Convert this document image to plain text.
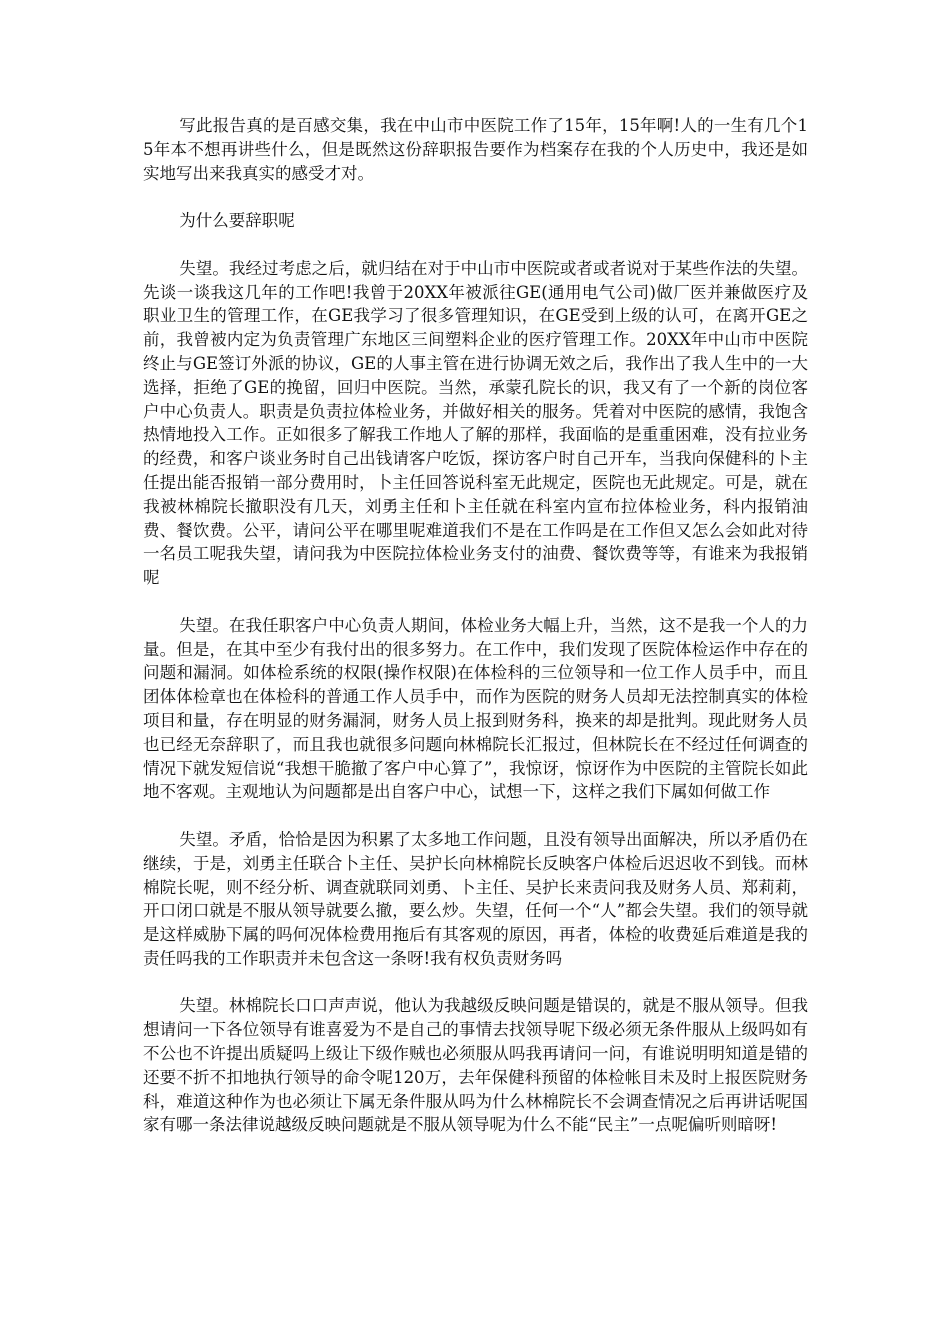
写此报告真的是百感交集，我在中山市中医院工作了15年，15年啊!人的一生有几个15年本不想再讲些什么，但是既然这份辞职报告要作为档案存在我的个人历史中，我还是如实地写出来我真实的感受才对。

为什么要辞职呢

失望。我经过考虑之后，就归结在对于中山市中医院或者或者说对于某些作法的失望。先谈一谈我这几年的工作吧!我曾于20XX年被派往GE(通用电气公司)做厂医并兼做医疗及职业卫生的管理工作，在GE我学习了很多管理知识，在GE受到上级的认可，在离开GE之前，我曾被内定为负责管理广东地区三间塑料企业的医疗管理工作。20XX年中山市中医院终止与GE签订外派的协议，GE的人事主管在进行协调无效之后，我作出了我人生中的一大选择，拒绝了GE的挽留，回归中医院。当然，承蒙孔院长的识，我又有了一个新的岗位客户中心负责人。职责是负责拉体检业务，并做好相关的服务。凭着对中医院的感情，我饱含热情地投入工作。正如很多了解我工作地人了解的那样，我面临的是重重困难，没有拉业务的经费，和客户谈业务时自己出钱请客户吃饭，探访客户时自己开车，当我向保健科的卜主任提出能否报销一部分费用时，卜主任回答说科室无此规定，医院也无此规定。可是，就在我被林棉院长撤职没有几天，刘勇主任和卜主任就在科室内宣布拉体检业务，科内报销油费、餐饮费。公平，请问公平在哪里呢难道我们不是在工作吗是在工作但又怎么会如此对待一名员工呢我失望，请问我为中医院拉体检业务支付的油费、餐饮费等等，有谁来为我报销呢

失望。在我任职客户中心负责人期间，体检业务大幅上升，当然，这不是我一个人的力量。但是，在其中至少有我付出的很多努力。在工作中，我们发现了医院体检运作中存在的问题和漏洞。如体检系统的权限(操作权限)在体检科的三位领导和一位工作人员手中，而且团体体检章也在体检科的普通工作人员手中，而作为医院的财务人员却无法控制真实的体检项目和量，存在明显的财务漏洞，财务人员上报到财务科，换来的却是批判。现此财务人员也已经无奈辞职了，而且我也就很多问题向林棉院长汇报过，但林院长在不经过任何调查的情况下就发短信说“我想干脆撤了客户中心算了”，我惊讶，惊讶作为中医院的主管院长如此地不客观。主观地认为问题都是出自客户中心，试想一下，这样之我们下属如何做工作

失望。矛盾，恰恰是因为积累了太多地工作问题，且没有领导出面解决，所以矛盾仍在继续，于是，刘勇主任联合卜主任、吴护长向林棉院长反映客户体检后迟迟收不到钱。而林棉院长呢，则不经分析、调查就联同刘勇、卜主任、吴护长来责问我及财务人员、郑莉莉，开口闭口就是不服从领导就要么撤，要么炒。失望，任何一个“人”都会失望。我们的领导就是这样威胁下属的吗何况体检费用拖后有其客观的原因，再者，体检的收费延后难道是我的责任吗我的工作职责并未包含这一条呀!我有权负责财务吗

失望。林棉院长口口声声说，他认为我越级反映问题是错误的，就是不服从领导。但我想请问一下各位领导有谁喜爱为不是自己的事情去找领导呢下级必须无条件服从上级吗如有不公也不许提出质疑吗上级让下级作贼也必须服从吗我再请问一问，有谁说明明知道是错的还要不折不扣地执行领导的命令呢120万，去年保健科预留的体检帐目未及时上报医院财务科，难道这种作为也必须让下属无条件服从吗为什么林棉院长不会调查情况之后再讲话呢国家有哪一条法律说越级反映问题就是不服从领导呢为什么不能“民主”一点呢偏听则暗呀!
